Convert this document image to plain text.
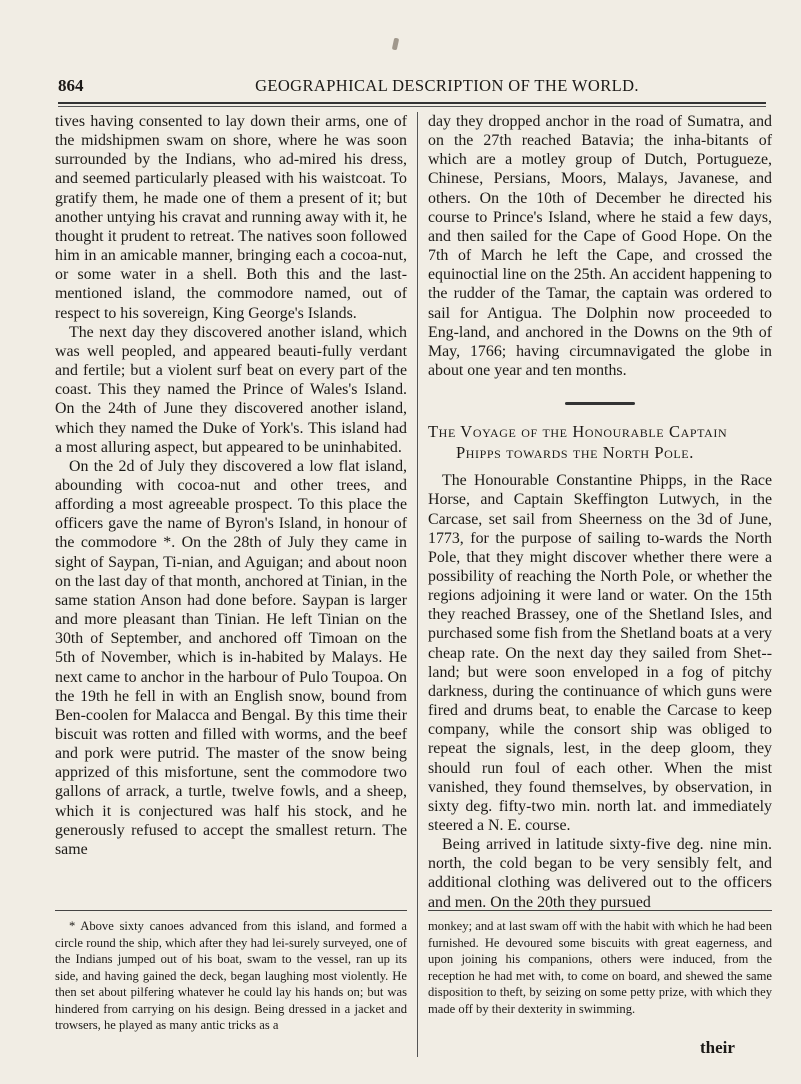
864	GEOGRAPHICAL DESCRIPTION OF THE WORLD.

tives having consented to lay down their arms, one of the midshipmen swam on shore, where he was soon surrounded by the Indians, who ad-mired his dress, and seemed particularly pleased with his waistcoat. To gratify them, he made one of them a present of it; but another untying his cravat and running away with it, he thought it prudent to retreat. The natives soon followed him in an amicable manner, bringing each a cocoa-nut, or some water in a shell. Both this and the last-mentioned island, the commodore named, out of respect to his sovereign, King George's Islands.

The next day they discovered another island, which was well peopled, and appeared beauti-fully verdant and fertile; but a violent surf beat on every part of the coast. This they named the Prince of Wales's Island. On the 24th of June they discovered another island, which they named the Duke of York's. This island had a most alluring aspect, but appeared to be uninhabited.

On the 2d of July they discovered a low flat island, abounding with cocoa-nut and other trees, and affording a most agreeable prospect. To this place the officers gave the name of Byron's Island, in honour of the commodore *. On the 28th of July they came in sight of Saypan, Ti-nian, and Aguigan; and about noon on the last day of that month, anchored at Tinian, in the same station Anson had done before. Saypan is larger and more pleasant than Tinian. He left Tinian on the 30th of September, and anchored off Timoan on the 5th of November, which is in-habited by Malays. He next came to anchor in the harbour of Pulo Toupoa. On the 19th he fell in with an English snow, bound from Ben-coolen for Malacca and Bengal. By this time their biscuit was rotten and filled with worms, and the beef and pork were putrid. The master of the snow being apprized of this misfortune, sent the commodore two gallons of arrack, a turtle, twelve fowls, and a sheep, which it is conjectured was half his stock, and he generously refused to accept the smallest return. The same

day they dropped anchor in the road of Sumatra, and on the 27th reached Batavia; the inha-bitants of which are a motley group of Dutch, Portugueze, Chinese, Persians, Moors, Malays, Javanese, and others. On the 10th of December he directed his course to Prince's Island, where he staid a few days, and then sailed for the Cape of Good Hope. On the 7th of March he left the Cape, and crossed the equinoctial line on the 25th. An accident happening to the rudder of the Tamar, the captain was ordered to sail for Antigua. The Dolphin now proceeded to Eng-land, and anchored in the Downs on the 9th of May, 1766; having circumnavigated the globe in about one year and ten months.

The Voyage of the Honourable Captain
Phipps towards the North Pole.

The Honourable Constantine Phipps, in the Race Horse, and Captain Skeffington Lutwych, in the Carcase, set sail from Sheerness on the 3d of June, 1773, for the purpose of sailing to-wards the North Pole, that they might discover whether there were a possibility of reaching the North Pole, or whether the regions adjoining it were land or water. On the 15th they reached Brassey, one of the Shetland Isles, and purchased some fish from the Shetland boats at a very cheap rate. On the next day they sailed from Shet-land; but were soon enveloped in a fog of pitchy darkness, during the continuance of which guns were fired and drums beat, to enable the Carcase to keep company, while the consort ship was obliged to repeat the signals, lest, in the deep gloom, they should run foul of each other. When the mist vanished, they found themselves, by observation, in sixty deg. fifty-two min. north lat. and immediately steered a N. E. course.

Being arrived in latitude sixty-five deg. nine min. north, the cold began to be very sensibly felt, and additional clothing was delivered out to the officers and men. On the 20th they pursued

* Above sixty canoes advanced from this island, and formed a circle round the ship, which after they had lei-surely surveyed, one of the Indians jumped out of his boat, swam to the vessel, ran up its side, and having gained the deck, began laughing most violently. He then set about pilfering whatever he could lay his hands on; but was hindered from carrying on his design. Being dressed in a jacket and trowsers, he played as many antic tricks as a

monkey; and at last swam off with the habit with which he had been furnished. He devoured some biscuits with great eagerness, and upon joining his companions, others were induced, from the reception he had met with, to come on board, and shewed the same disposition to theft, by seizing on some petty prize, with which they made off by their dexterity in swimming.

their
